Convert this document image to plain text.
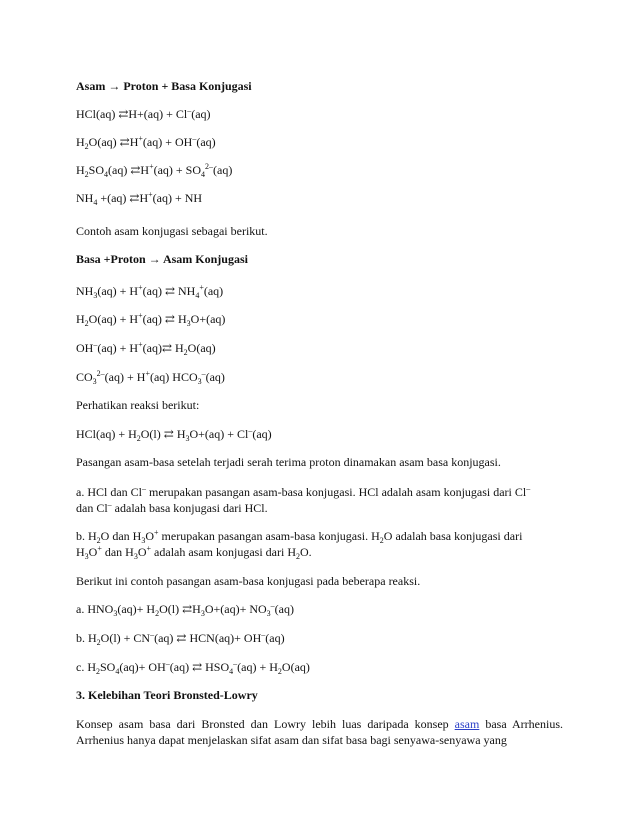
Asam → Proton + Basa Konjugasi
HCl(aq) ⇄H+(aq) + Cl–(aq)
$H_2O(aq)$ ⇄H+(aq) + OH–(aq)
$H_2SO_4(aq)$ ⇄H+(aq) + $SO_4^{2-}(aq)$
$NH_4 +(aq)$ ⇄H+(aq) + NH
Contoh asam konjugasi sebagai berikut.
Basa +Proton → Asam Konjugasi
$NH_3(aq) + H^+(aq)$ ⇄ $NH_4^+(aq)$
$H_2O(aq) + H^+(aq)$ ⇄ $H_3O+(aq)$
OH–(aq) + H+(aq)⇄ $H_2O(aq)$
$CO_3^{2-}(aq) + H^+(aq)$ $HCO_3^-(aq)$
Perhatikan reaksi berikut:
$HCl(aq) + H_2O(l)$ ⇄ $H_3O+(aq) + Cl^-(aq)$
Pasangan asam-basa setelah terjadi serah terima proton dinamakan asam basa konjugasi.
a. HCl dan Cl– merupakan pasangan asam-basa konjugasi. HCl adalah asam konjugasi dari Cl–
dan Cl– adalah basa konjugasi dari HCl.
b. $H_2O$ dan $H_3O^+$ merupakan pasangan asam-basa konjugasi. $H_2O$ adalah basa konjugasi dari
$H_3O^+$ dan $H_3O^+$ adalah asam konjugasi dari $H_2O$.
Berikut ini contoh pasangan asam-basa konjugasi pada beberapa reaksi.
a. $HNO_3(aq)+ H_2O(l)$ $⇄H_3O+(aq)+ NO_3^-(aq)$
b. $H_2O(l) + CN^-(aq)$ ⇄ HCN(aq)+ OH–(aq)
c. $H_2SO_4(aq)+ OH^-(aq)$ ⇄ $HSO_4^-(aq) + H_2O(aq)$
3. Kelebihan Teori Bronsted-Lowry
Konsep asam basa dari Bronsted dan Lowry lebih luas daripada konsep asam basa Arrhenius. Arrhenius hanya dapat menjelaskan sifat asam dan sifat basa bagi senyawa-senyawa yang
